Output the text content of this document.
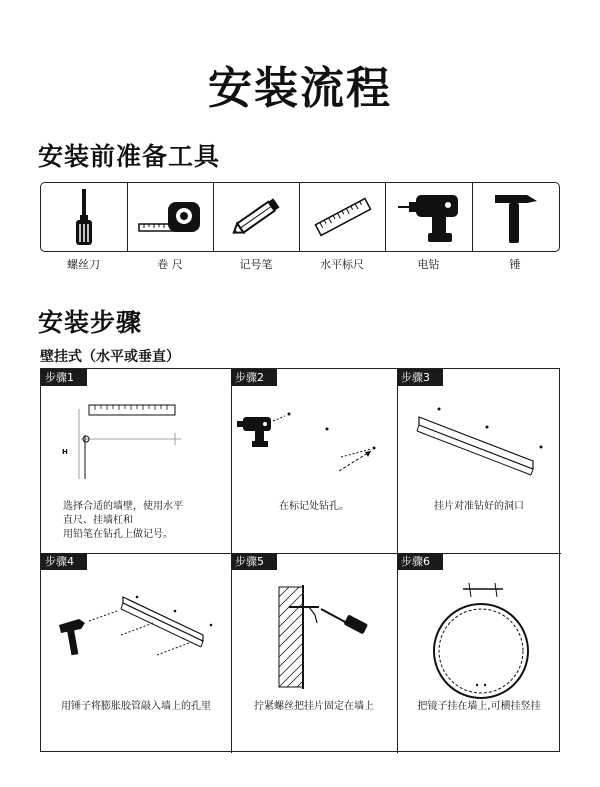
安装流程
安装前准备工具
螺丝刀	卷 尺	记号笔	水平标尺	电钻	锤
安装步骤
壁挂式（水平或垂直）
步骤1
H
选择合适的墙壁，使用水平
直尺、挂墙杠和
用铅笔在钻孔上做记号。
步骤2
在标记处钻孔。
步骤3
挂片对准钻好的洞口
步骤4
用锤子将膨胀胶管敲入墙上的孔里
步骤5
拧紧螺丝把挂片固定在墙上
步骤6
把镜子挂在墙上,可横挂竖挂
